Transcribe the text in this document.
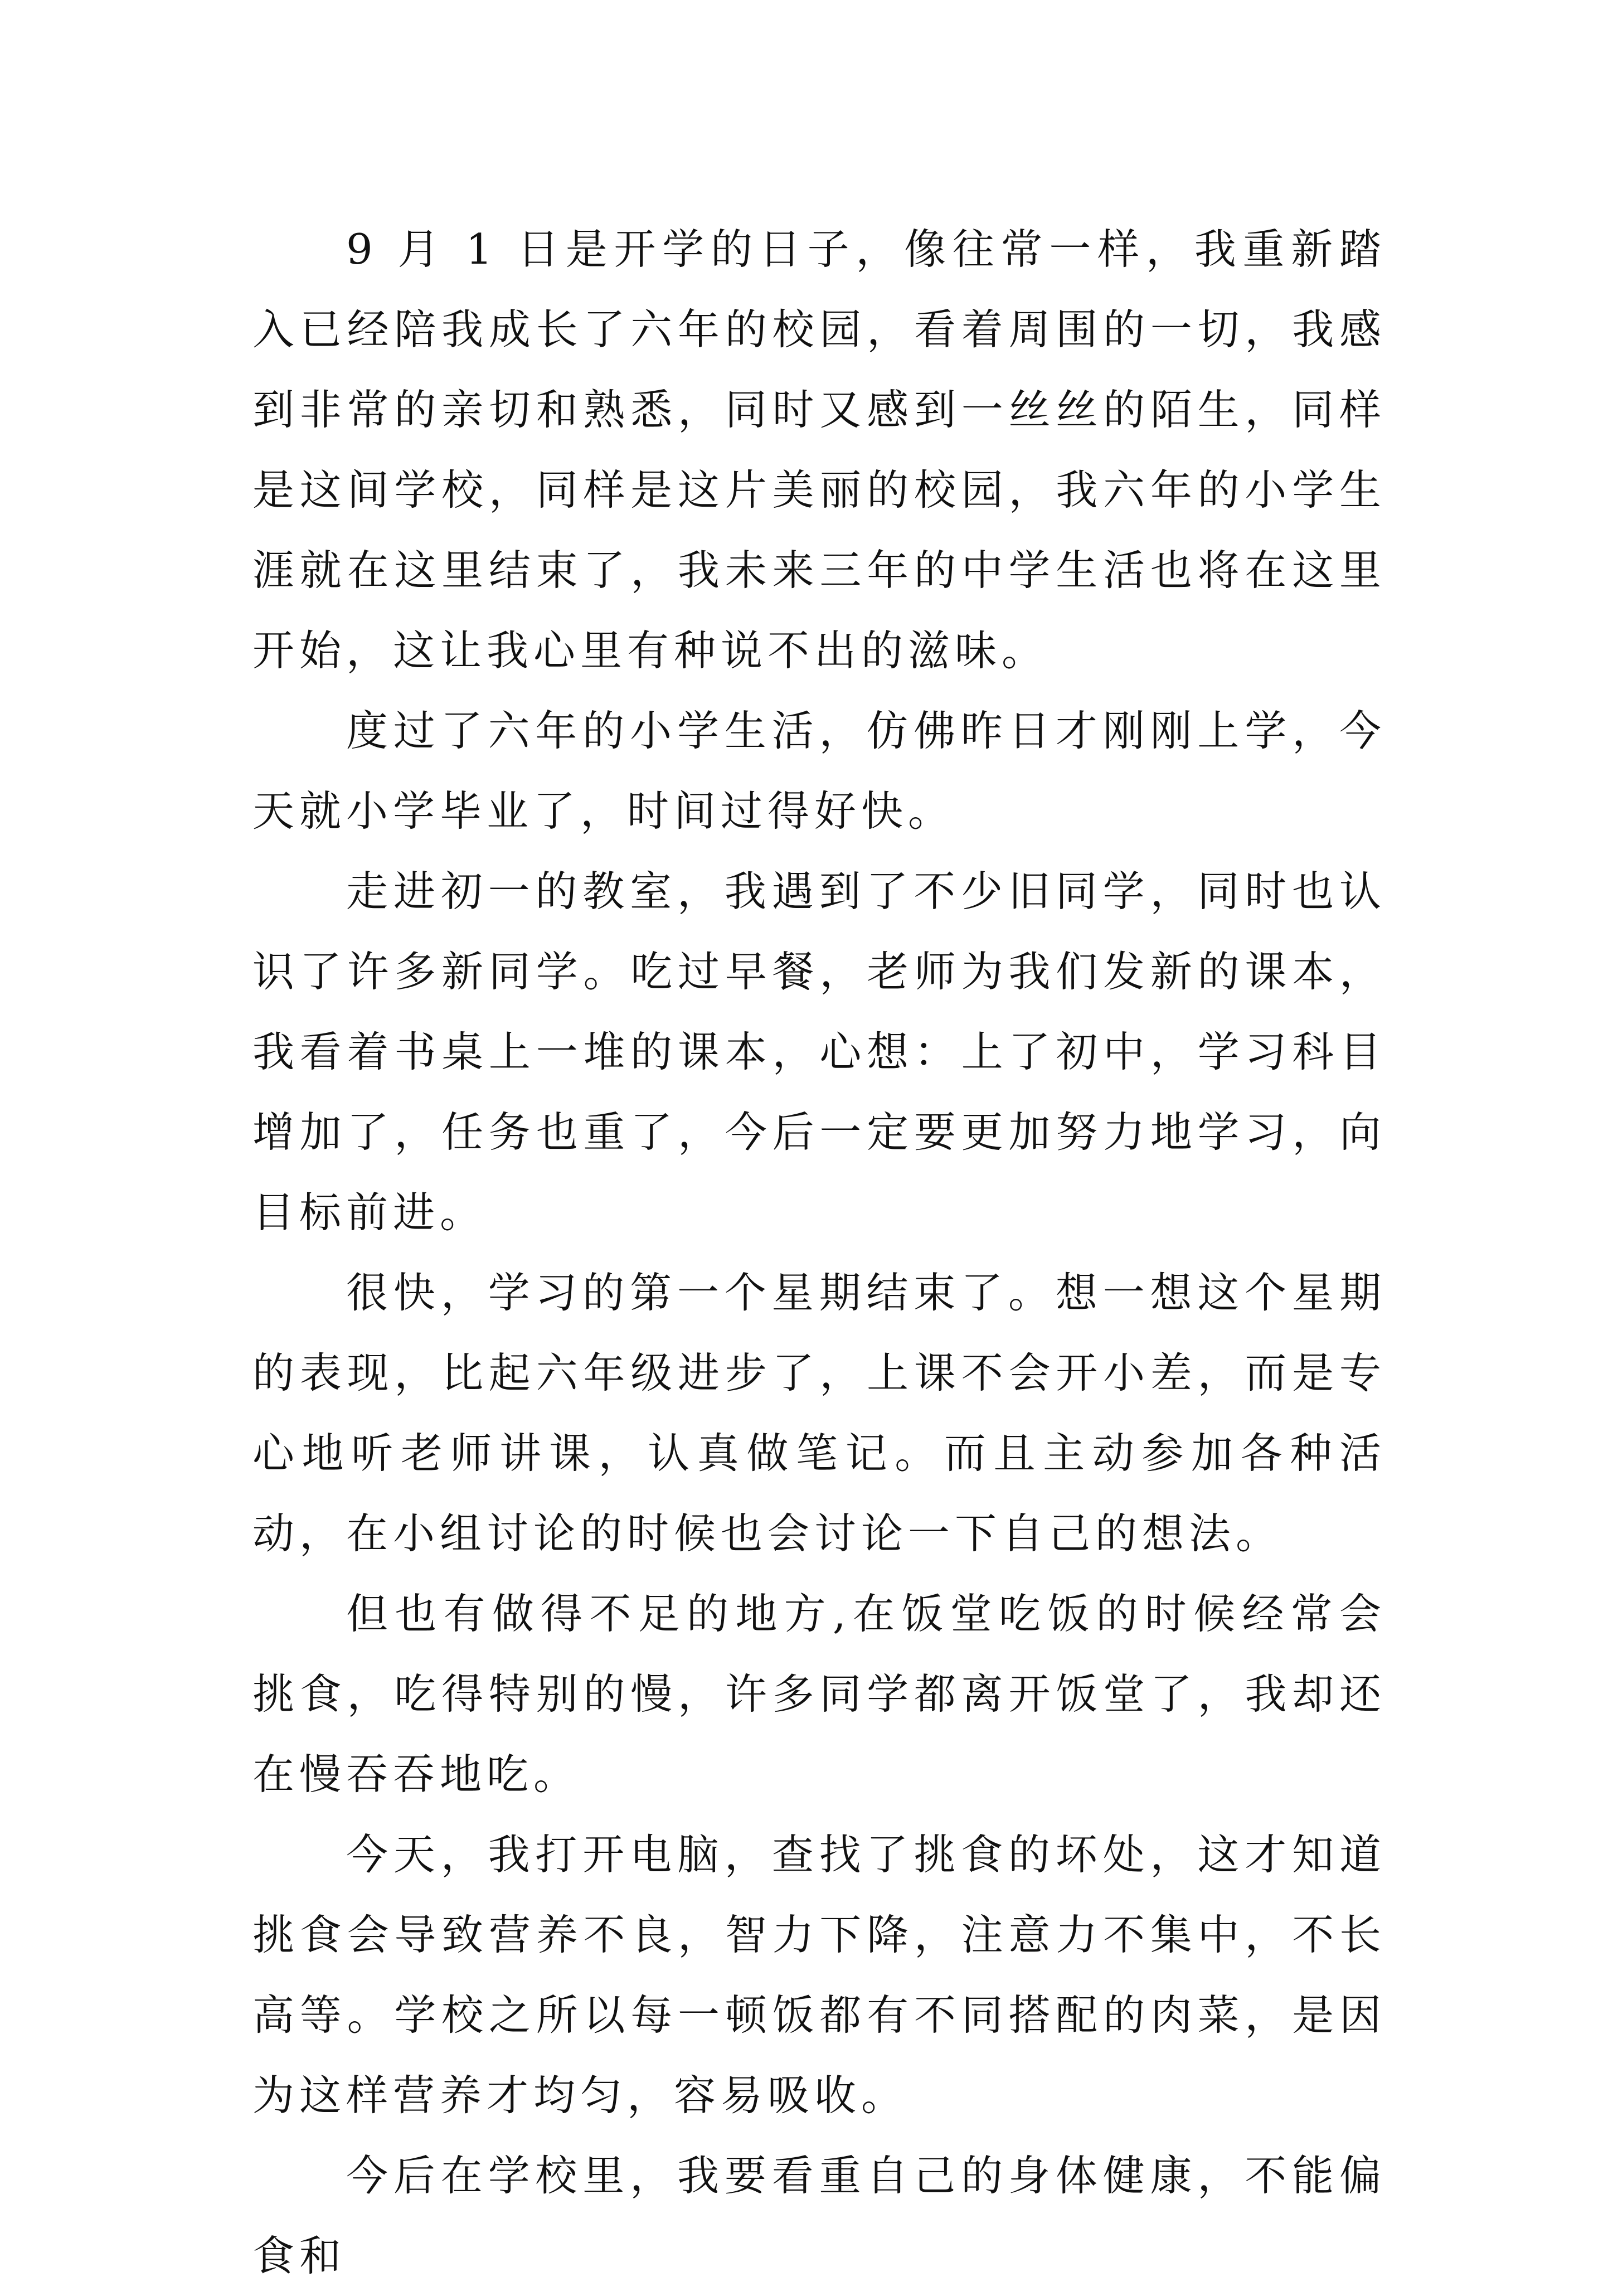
9 月 1 日是开学的日子，像往常一样，我重新踏入已经陪我成长了六年的校园，看着周围的一切，我感到非常的亲切和熟悉，同时又感到一丝丝的陌生，同样是这间学校，同样是这片美丽的校园，我六年的小学生涯就在这里结束了，我未来三年的中学生活也将在这里开始，这让我心里有种说不出的滋味。

度过了六年的小学生活，仿佛昨日才刚刚上学，今天就小学毕业了，时间过得好快。

走进初一的教室，我遇到了不少旧同学，同时也认识了许多新同学。吃过早餐，老师为我们发新的课本，我看着书桌上一堆的课本，心想：上了初中，学习科目增加了，任务也重了，今后一定要更加努力地学习，向目标前进。

很快，学习的第一个星期结束了。想一想这个星期的表现，比起六年级进步了，上课不会开小差，而是专心地听老师讲课，认真做笔记。而且主动参加各种活动，在小组讨论的时候也会讨论一下自己的想法。

但也有做得不足的地方,在饭堂吃饭的时候经常会挑食，吃得特别的慢，许多同学都离开饭堂了，我却还在慢吞吞地吃。

今天，我打开电脑，查找了挑食的坏处，这才知道挑食会导致营养不良，智力下降，注意力不集中，不长高等。学校之所以每一顿饭都有不同搭配的肉菜，是因为这样营养才均匀，容易吸收。

今后在学校里，我要看重自己的身体健康，不能偏食和
